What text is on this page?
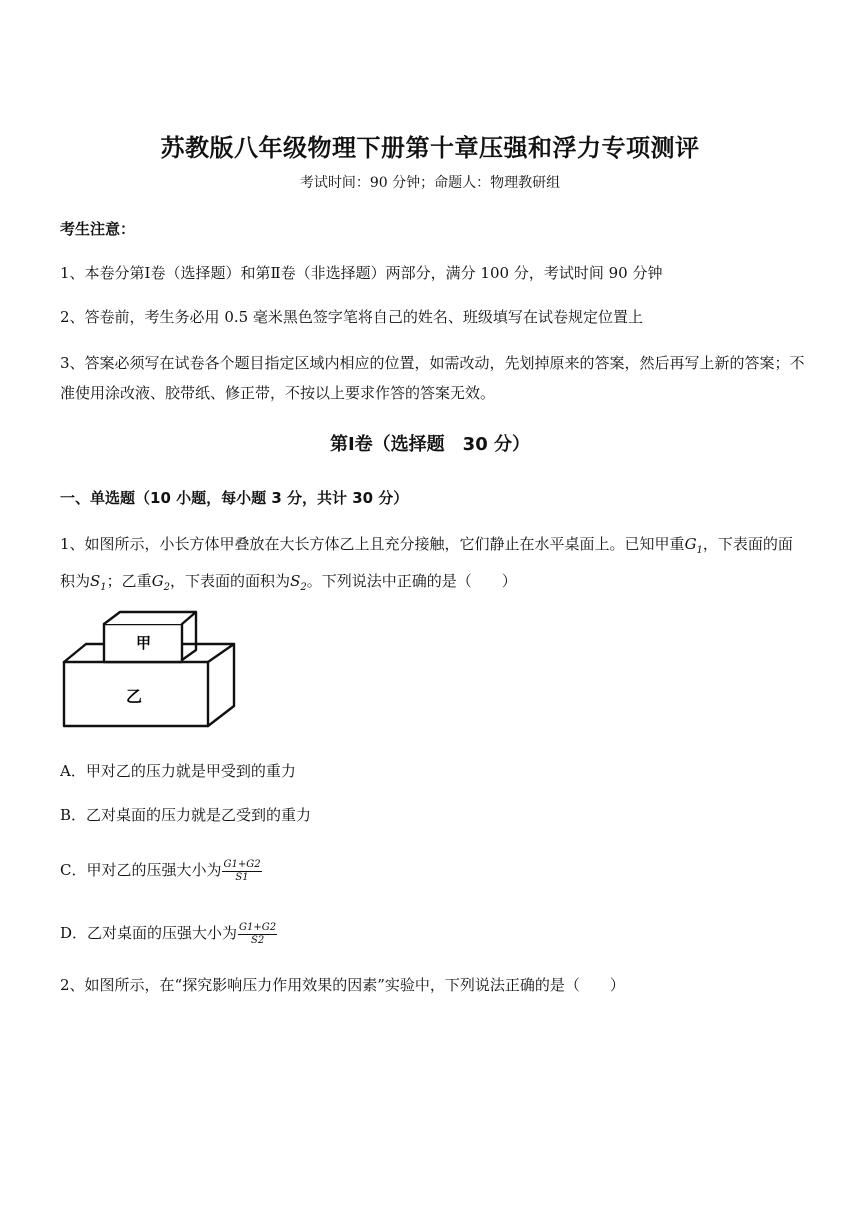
苏教版八年级物理下册第十章压强和浮力专项测评
考试时间：90 分钟；命题人：物理教研组
考生注意：
1、本卷分第Ⅰ卷（选择题）和第Ⅱ卷（非选择题）两部分，满分 100 分，考试时间 90 分钟
2、答卷前，考生务必用 0.5 毫米黑色签字笔将自己的姓名、班级填写在试卷规定位置上
3、答案必须写在试卷各个题目指定区域内相应的位置，如需改动，先划掉原来的答案，然后再写上新的答案；不准使用涂改液、胶带纸、修正带，不按以上要求作答的答案无效。
第Ⅰ卷（选择题　30 分）
一、单选题（10 小题，每小题 3 分，共计 30 分）
1、如图所示，小长方体甲叠放在大长方体乙上且充分接触，它们静止在水平桌面上。已知甲重$G_1$，下表面的面积为$S_1$；乙重$G_2$，下表面的面积为$S_2$。下列说法中正确的是（　　）
甲
乙
A．甲对乙的压力就是甲受到的重力
B．乙对桌面的压力就是乙受到的重力
C．甲对乙的压强大小为 $\frac{G1+G2}{S1}$
D．乙对桌面的压强大小为 $\frac{G1+G2}{S2}$
2、如图所示，在“探究影响压力作用效果的因素”实验中，下列说法正确的是（　　）
